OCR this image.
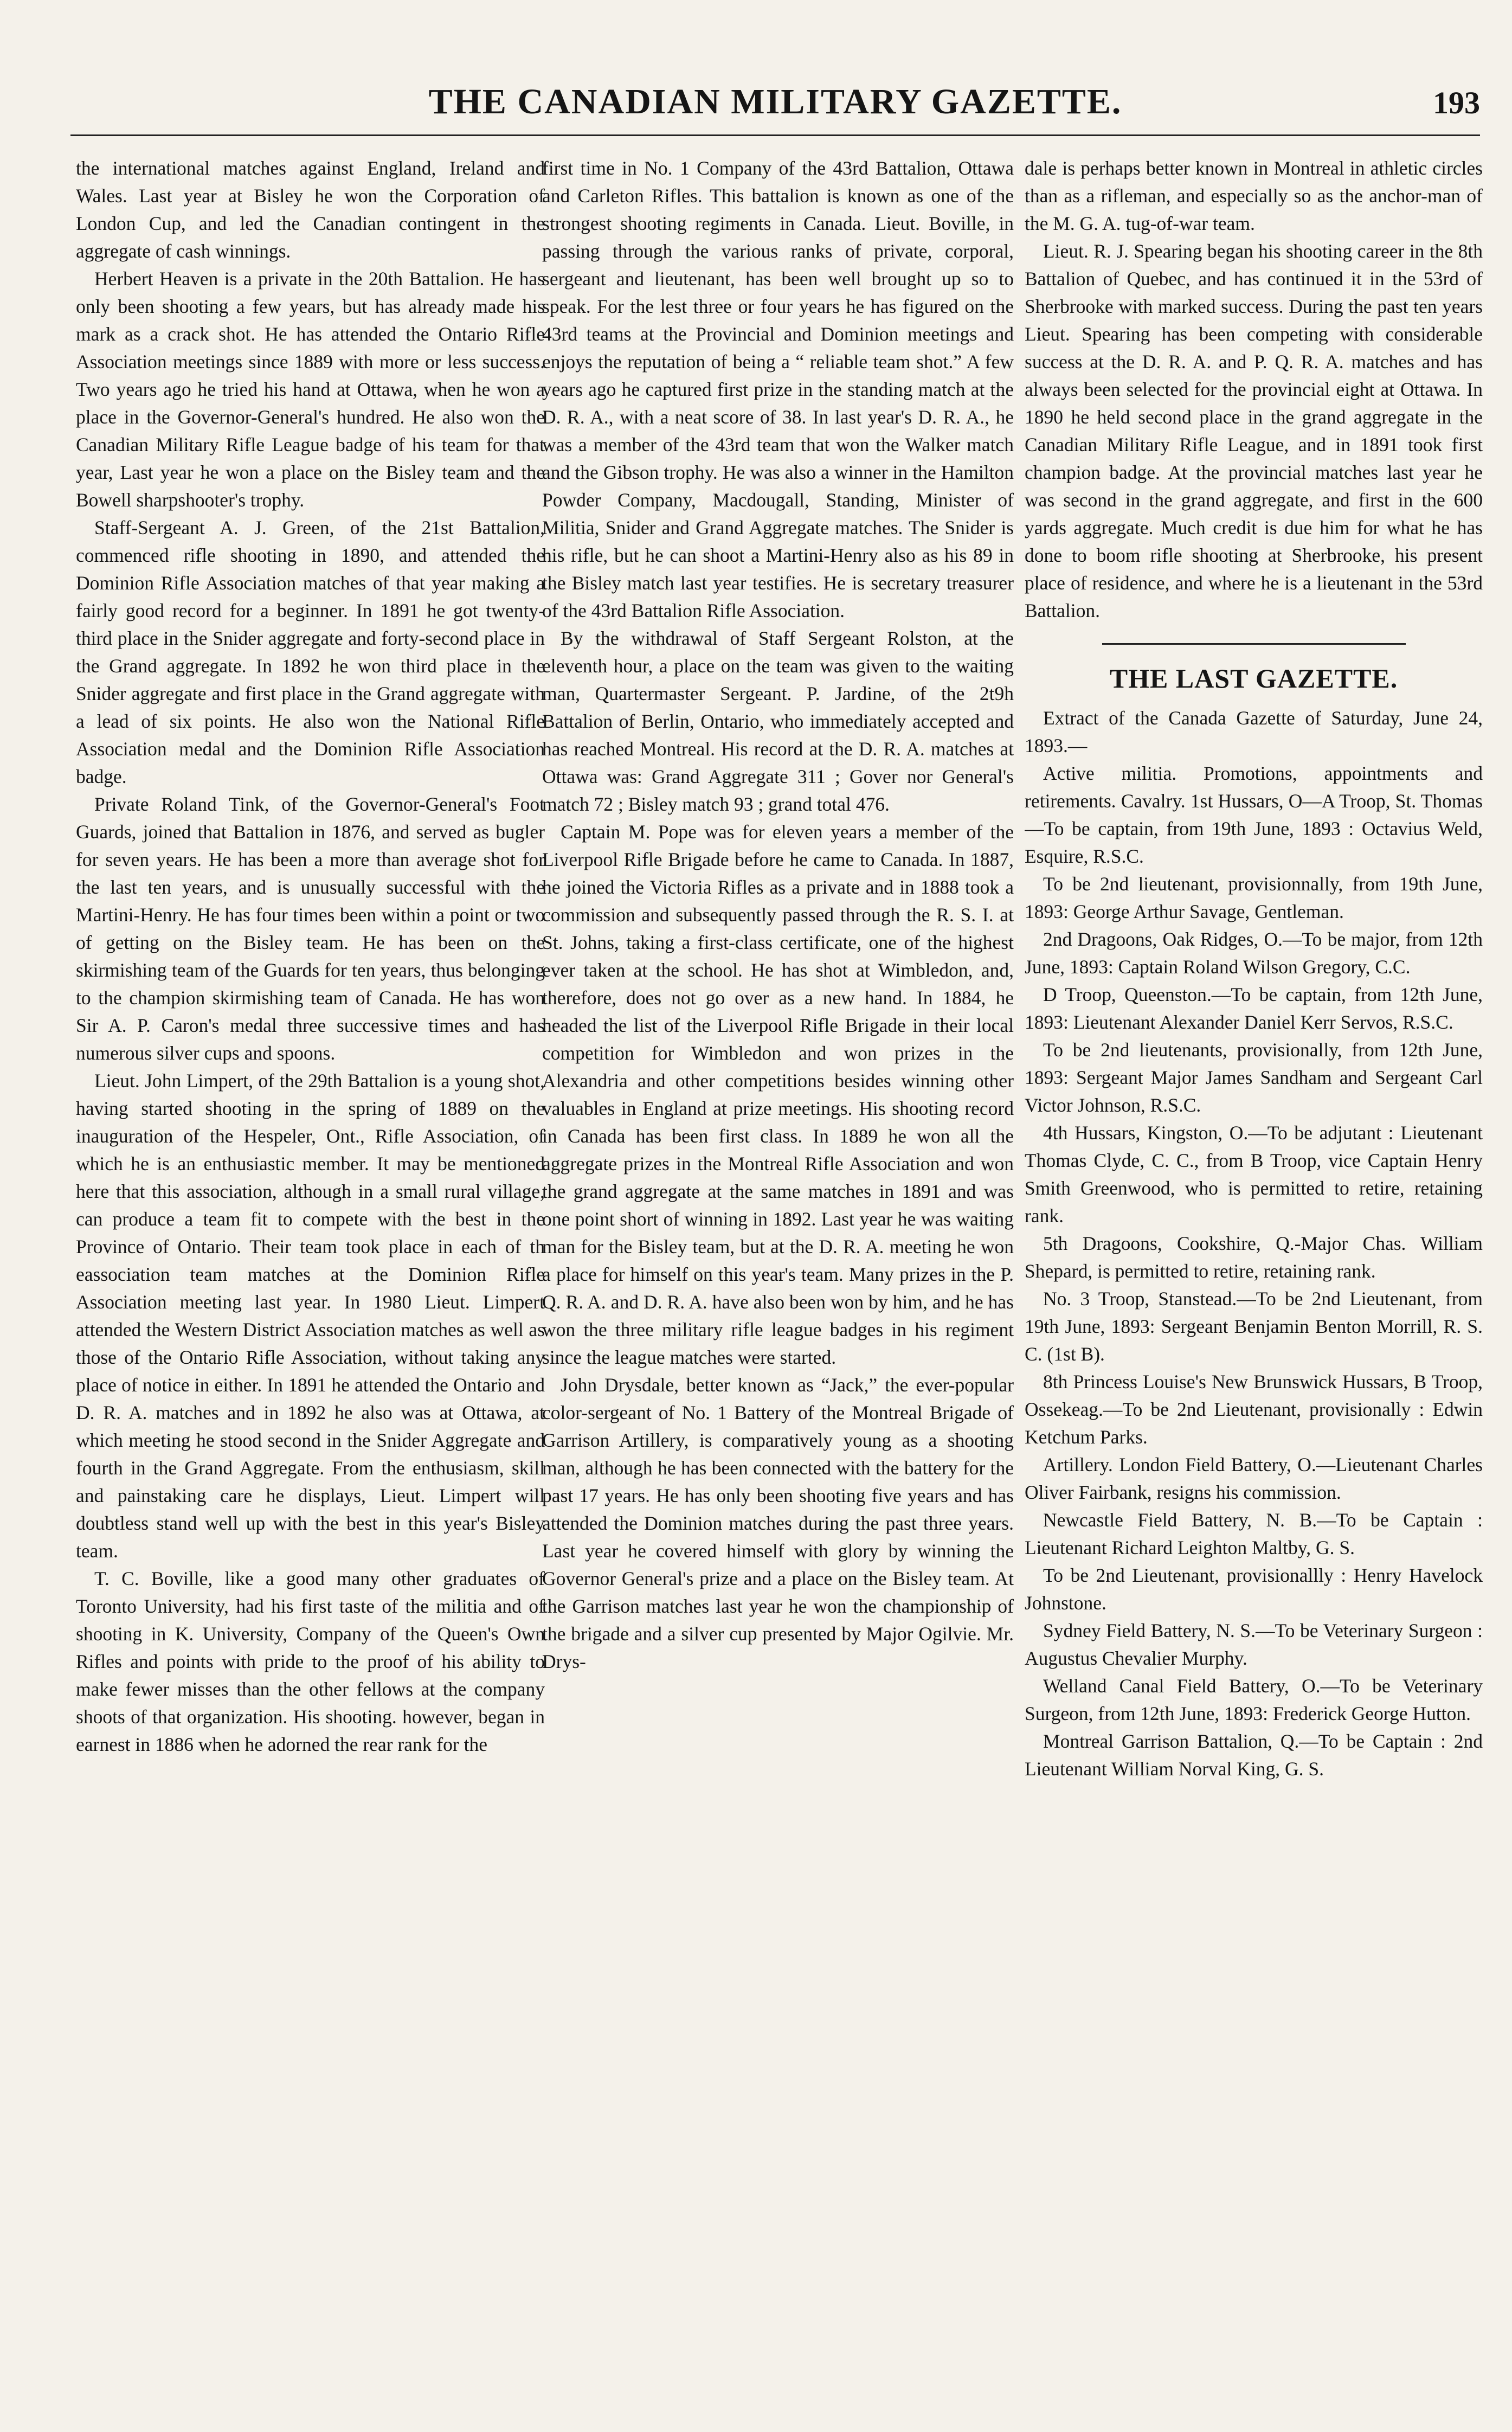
THE CANADIAN MILITARY GAZETTE.	193

the international matches against England, Ireland and Wales. Last year at Bisley he won the Corporation of London Cup, and led the Canadian contingent in the aggregate of cash winnings.

Herbert Heaven is a private in the 20th Battalion. He has only been shooting a few years, but has already made his mark as a crack shot. He has attended the Ontario Rifle Association meetings since 1889 with more or less success. Two years ago he tried his hand at Ottawa, when he won a place in the Governor-General's hundred. He also won the Canadian Military Rifle League badge of his team for that year, Last year he won a place on the Bisley team and the Bowell sharpshooter's trophy.

Staff-Sergeant A. J. Green, of the 21st Battalion, commenced rifle shooting in 1890, and attended the Dominion Rifle Association matches of that year making a fairly good record for a beginner. In 1891 he got twenty-third place in the Snider aggregate and forty-second place in the Grand aggregate. In 1892 he won third place in the Snider aggregate and first place in the Grand aggregate with a lead of six points. He also won the National Rifle Association medal and the Dominion Rifle Association badge.

Private Roland Tink, of the Governor-General's Foot Guards, joined that Battalion in 1876, and served as bugler for seven years. He has been a more than average shot for the last ten years, and is unusually successful with the Martini-Henry. He has four times been within a point or two of getting on the Bisley team. He has been on the skirmishing team of the Guards for ten years, thus belonging to the champion skirmishing team of Canada. He has won Sir A. P. Caron's medal three successive times and has numerous silver cups and spoons.

Lieut. John Limpert, of the 29th Battalion is a young shot, having started shooting in the spring of 1889 on the inauguration of the Hespeler, Ont., Rifle Association, of which he is an enthusiastic member. It may be mentioned here that this association, although in a small rural village, can produce a team fit to compete with the best in the Province of Ontario. Their team took place in each of th eassociation team matches at the Dominion Rifle Association meeting last year. In 1980 Lieut. Limpert attended the Western District Association matches as well as those of the Ontario Rifle Association, without taking any place of notice in either. In 1891 he attended the Ontario and D. R. A. matches and in 1892 he also was at Ottawa, at which meeting he stood second in the Snider Aggregate and fourth in the Grand Aggregate. From the enthusiasm, skill and painstaking care he displays, Lieut. Limpert will doubtless stand well up with the best in this year's Bisley team.

T. C. Boville, like a good many other graduates of Toronto University, had his first taste of the militia and of shooting in K. University, Company of the Queen's Own Rifles and points with pride to the proof of his ability to make fewer misses than the other fellows at the company shoots of that organization. His shooting. however, began in earnest in 1886 when he adorned the rear rank for the

first time in No. 1 Company of the 43rd Battalion, Ottawa and Carleton Rifles. This battalion is known as one of the strongest shooting regiments in Canada. Lieut. Boville, in passing through the various ranks of private, corporal, sergeant and lieutenant, has been well brought up so to speak. For the lest three or four years he has figured on the 43rd teams at the Provincial and Dominion meetings and enjoys the reputation of being a “ reliable team shot.” A few years ago he captured first prize in the standing match at the D. R. A., with a neat score of 38. In last year's D. R. A., he was a member of the 43rd team that won the Walker match and the Gibson trophy. He was also a winner in the Hamilton Powder Company, Macdougall, Standing, Minister of Militia, Snider and Grand Aggregate matches. The Snider is his rifle, but he can shoot a Martini-Henry also as his 89 in the Bisley match last year testifies. He is secretary treasurer of the 43rd Battalion Rifle Association.

By the withdrawal of Staff Sergeant Rolston, at the eleventh hour, a place on the team was given to the waiting man, Quartermaster Sergeant. P. Jardine, of the 2t9h Battalion of Berlin, Ontario, who immediately accepted and has reached Montreal. His record at the D. R. A. matches at Ottawa was: Grand Aggregate 311 ; Gover nor General's match 72 ; Bisley match 93 ; grand total 476.

Captain M. Pope was for eleven years a member of the Liverpool Rifle Brigade before he came to Canada. In 1887, he joined the Victoria Rifles as a private and in 1888 took a commission and subsequently passed through the R. S. I. at St. Johns, taking a first-class certificate, one of the highest ever taken at the school. He has shot at Wimbledon, and, therefore, does not go over as a new hand. In 1884, he headed the list of the Liverpool Rifle Brigade in their local competition for Wimbledon and won prizes in the Alexandria and other competitions besides winning other valuables in England at prize meetings. His shooting record in Canada has been first class. In 1889 he won all the aggregate prizes in the Montreal Rifle Association and won the grand aggregate at the same matches in 1891 and was one point short of winning in 1892. Last year he was waiting man for the Bisley team, but at the D. R. A. meeting he won a place for himself on this year's team. Many prizes in the P. Q. R. A. and D. R. A. have also been won by him, and he has won the three military rifle league badges in his regiment since the league matches were started.

John Drysdale, better known as “Jack,” the ever-popular color-sergeant of No. 1 Battery of the Montreal Brigade of Garrison Artillery, is comparatively young as a shooting man, although he has been connected with the battery for the past 17 years. He has only been shooting five years and has attended the Dominion matches during the past three years. Last year he covered himself with glory by winning the Governor General's prize and a place on the Bisley team. At the Garrison matches last year he won the championship of the brigade and a silver cup presented by Major Ogilvie. Mr. Drys-

dale is perhaps better known in Montreal in athletic circles than as a rifleman, and especially so as the anchor-man of the M. G. A. tug-of-war team.

Lieut. R. J. Spearing began his shooting career in the 8th Battalion of Quebec, and has continued it in the 53rd of Sherbrooke with marked success. During the past ten years Lieut. Spearing has been competing with considerable success at the D. R. A. and P. Q. R. A. matches and has always been selected for the provincial eight at Ottawa. In 1890 he held second place in the grand aggregate in the Canadian Military Rifle League, and in 1891 took first champion badge. At the provincial matches last year he was second in the grand aggregate, and first in the 600 yards aggregate. Much credit is due him for what he has done to boom rifle shooting at Sherbrooke, his present place of residence, and where he is a lieutenant in the 53rd Battalion.

THE LAST GAZETTE.

Extract of the Canada Gazette of Saturday, June 24, 1893.—

Active militia. Promotions, appointments and retirements. Cavalry. 1st Hussars, O—A Troop, St. Thomas—To be captain, from 19th June, 1893 : Octavius Weld, Esquire, R.S.C.

To be 2nd lieutenant, provisionnally, from 19th June, 1893: George Arthur Savage, Gentleman.

2nd Dragoons, Oak Ridges, O.—To be major, from 12th June, 1893: Captain Roland Wilson Gregory, C.C.

D Troop, Queenston.—To be captain, from 12th June, 1893: Lieutenant Alexander Daniel Kerr Servos, R.S.C.

To be 2nd lieutenants, provisionally, from 12th June, 1893: Sergeant Major James Sandham and Sergeant Carl Victor Johnson, R.S.C.

4th Hussars, Kingston, O.—To be adjutant : Lieutenant Thomas Clyde, C. C., from B Troop, vice Captain Henry Smith Greenwood, who is permitted to retire, retaining rank.

5th Dragoons, Cookshire, Q.-Major Chas. William Shepard, is permitted to retire, retaining rank.

No. 3 Troop, Stanstead.—To be 2nd Lieutenant, from 19th June, 1893: Sergeant Benjamin Benton Morrill, R. S. C. (1st B).

8th Princess Louise's New Brunswick Hussars, B Troop, Ossekeag.—To be 2nd Lieutenant, provisionally : Edwin Ketchum Parks.

Artillery. London Field Battery, O.—Lieutenant Charles Oliver Fairbank, resigns his commission.

Newcastle Field Battery, N. B.—To be Captain : Lieutenant Richard Leighton Maltby, G. S.

To be 2nd Lieutenant, provisionallly : Henry Havelock Johnstone.

Sydney Field Battery, N. S.—To be Veterinary Surgeon : Augustus Chevalier Murphy.

Welland Canal Field Battery, O.—To be Veterinary Surgeon, from 12th June, 1893: Frederick George Hutton.

Montreal Garrison Battalion, Q.—To be Captain : 2nd Lieutenant William Norval King, G. S.
